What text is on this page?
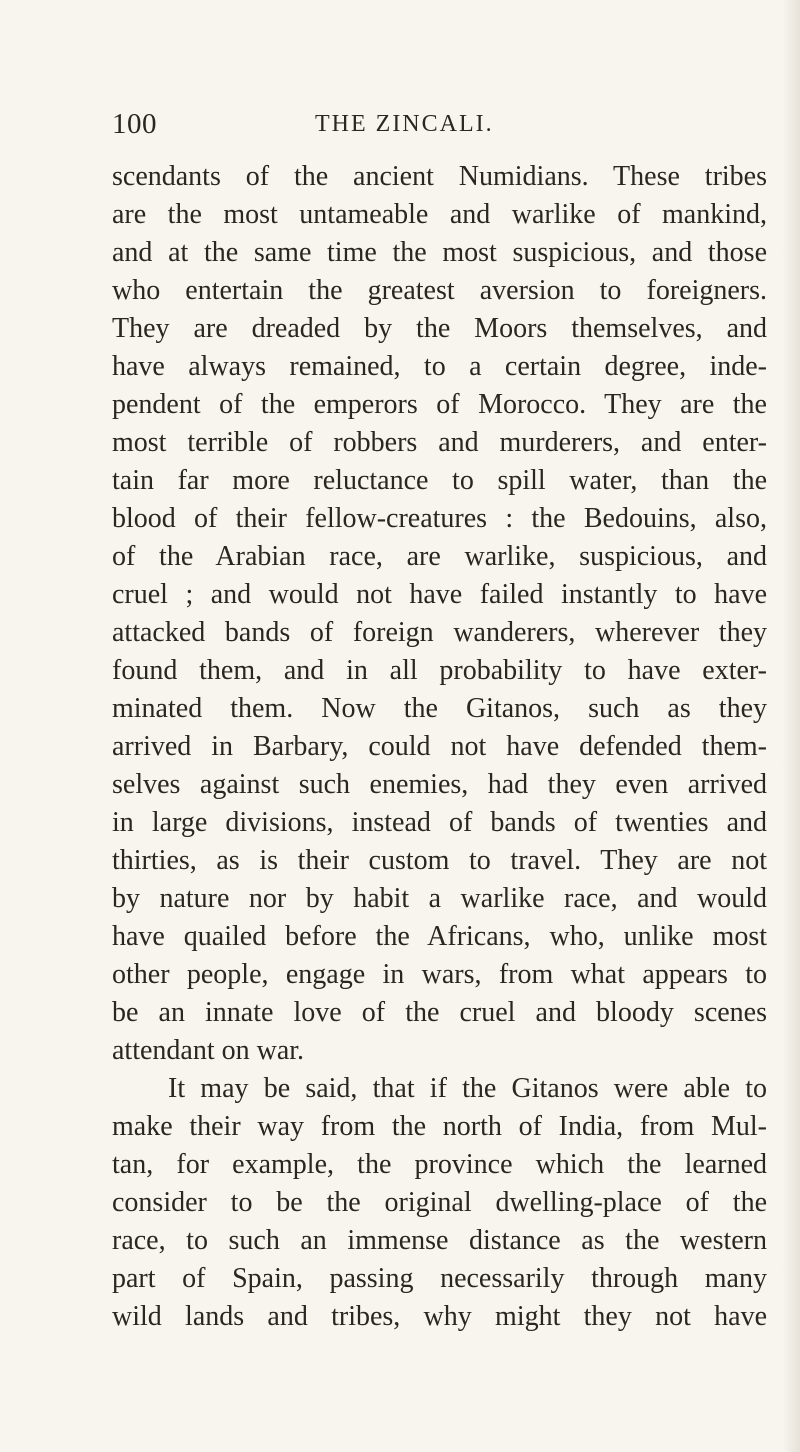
100	THE ZINCALI.
scendants of the ancient Numidians. These tribes
are the most untameable and warlike of mankind,
and at the same time the most suspicious, and those
who entertain the greatest aversion to foreigners.
They are dreaded by the Moors themselves, and
have always remained, to a certain degree, inde-
pendent of the emperors of Morocco. They are the
most terrible of robbers and murderers, and enter-
tain far more reluctance to spill water, than the
blood of their fellow-creatures : the Bedouins, also,
of the Arabian race, are warlike, suspicious, and
cruel ; and would not have failed instantly to have
attacked bands of foreign wanderers, wherever they
found them, and in all probability to have exter-
minated them. Now the Gitanos, such as they
arrived in Barbary, could not have defended them-
selves against such enemies, had they even arrived
in large divisions, instead of bands of twenties and
thirties, as is their custom to travel. They are not
by nature nor by habit a warlike race, and would
have quailed before the Africans, who, unlike most
other people, engage in wars, from what appears to
be an innate love of the cruel and bloody scenes
attendant on war.
It may be said, that if the Gitanos were able to
make their way from the north of India, from Mul-
tan, for example, the province which the learned
consider to be the original dwelling-place of the
race, to such an immense distance as the western
part of Spain, passing necessarily through many
wild lands and tribes, why might they not have
